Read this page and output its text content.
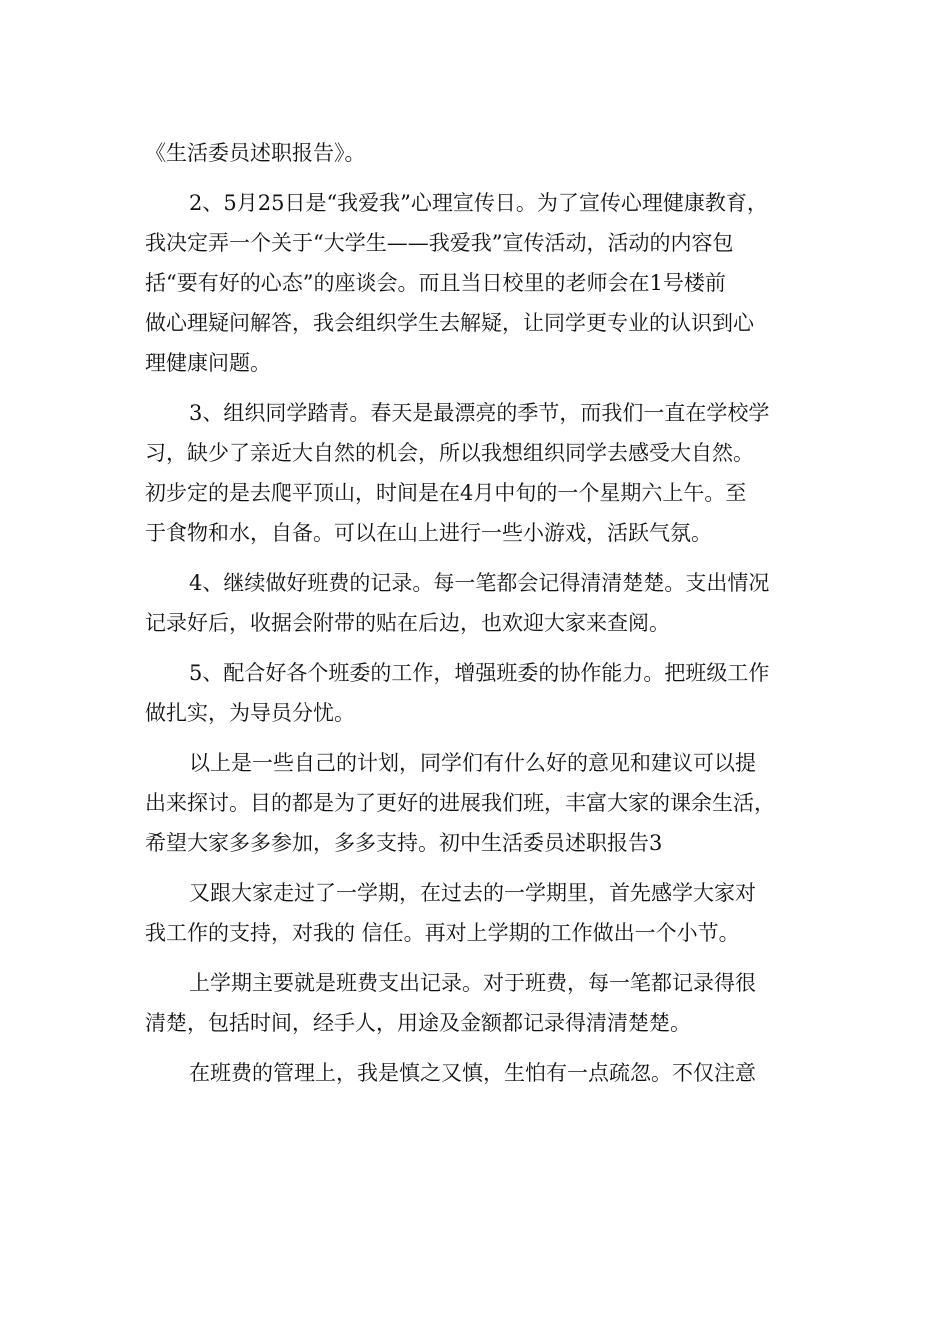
《生活委员述职报告》。
2、5月25日是“我爱我”心理宣传日。为了宣传心理健康教育，
我决定弄一个关于“大学生——我爱我”宣传活动，活动的内容包
括“要有好的心态”的座谈会。而且当日校里的老师会在1号楼前
做心理疑问解答，我会组织学生去解疑，让同学更专业的认识到心
理健康问题。
3、组织同学踏青。春天是最漂亮的季节，而我们一直在学校学
习，缺少了亲近大自然的机会，所以我想组织同学去感受大自然。
初步定的是去爬平顶山，时间是在4月中旬的一个星期六上午。至
于食物和水，自备。可以在山上进行一些小游戏，活跃气氛。
4、继续做好班费的记录。每一笔都会记得清清楚楚。支出情况
记录好后，收据会附带的贴在后边，也欢迎大家来查阅。
5、配合好各个班委的工作，增强班委的协作能力。把班级工作
做扎实，为导员分忧。
以上是一些自己的计划，同学们有什么好的意见和建议可以提
出来探讨。目的都是为了更好的进展我们班，丰富大家的课余生活，
希望大家多多参加，多多支持。初中生活委员述职报告3
又跟大家走过了一学期，在过去的一学期里，首先感学大家对
我工作的支持，对我的 信任。再对上学期的工作做出一个小节。
上学期主要就是班费支出记录。对于班费，每一笔都记录得很
清楚，包括时间，经手人，用途及金额都记录得清清楚楚。
在班费的管理上，我是慎之又慎，生怕有一点疏忽。不仅注意
